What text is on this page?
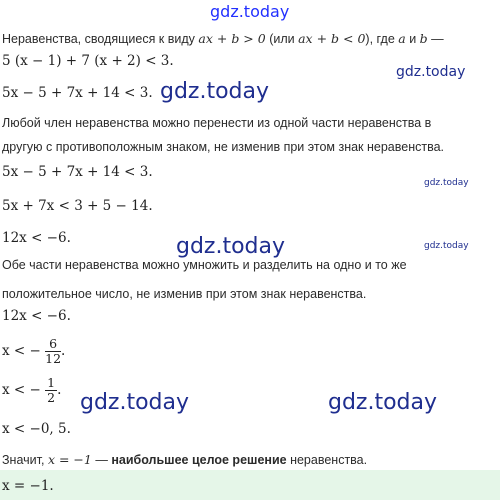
gdz.today
gdz.today
gdz.today
gdz.today
gdz.today	gdz.today
gdz.today	gdz.today
Неравенства, сводящиеся к виду ax + b > 0 (или ax + b < 0), где a и b —
5 (x − 1) + 7 (x + 2) < 3.
5x − 5 + 7x + 14 < 3.
Любой член неравенства можно перенести из одной части неравенства в
другую с противоположным знаком, не изменив при этом знак неравенства.
5x − 5 + 7x + 14 < 3.
5x + 7x < 3 + 5 − 14.
12x < −6.
Обе части неравенства можно умножить и разделить на одно и то же
положительное число, не изменив при этом знак неравенства.
12x < −6.
x < − $\frac{6}{12}$ .
x < − $\frac{1}{2}$ .
x < −0, 5.
Значит, x = −1 — наибольшее целое решение неравенства.
x = −1.
